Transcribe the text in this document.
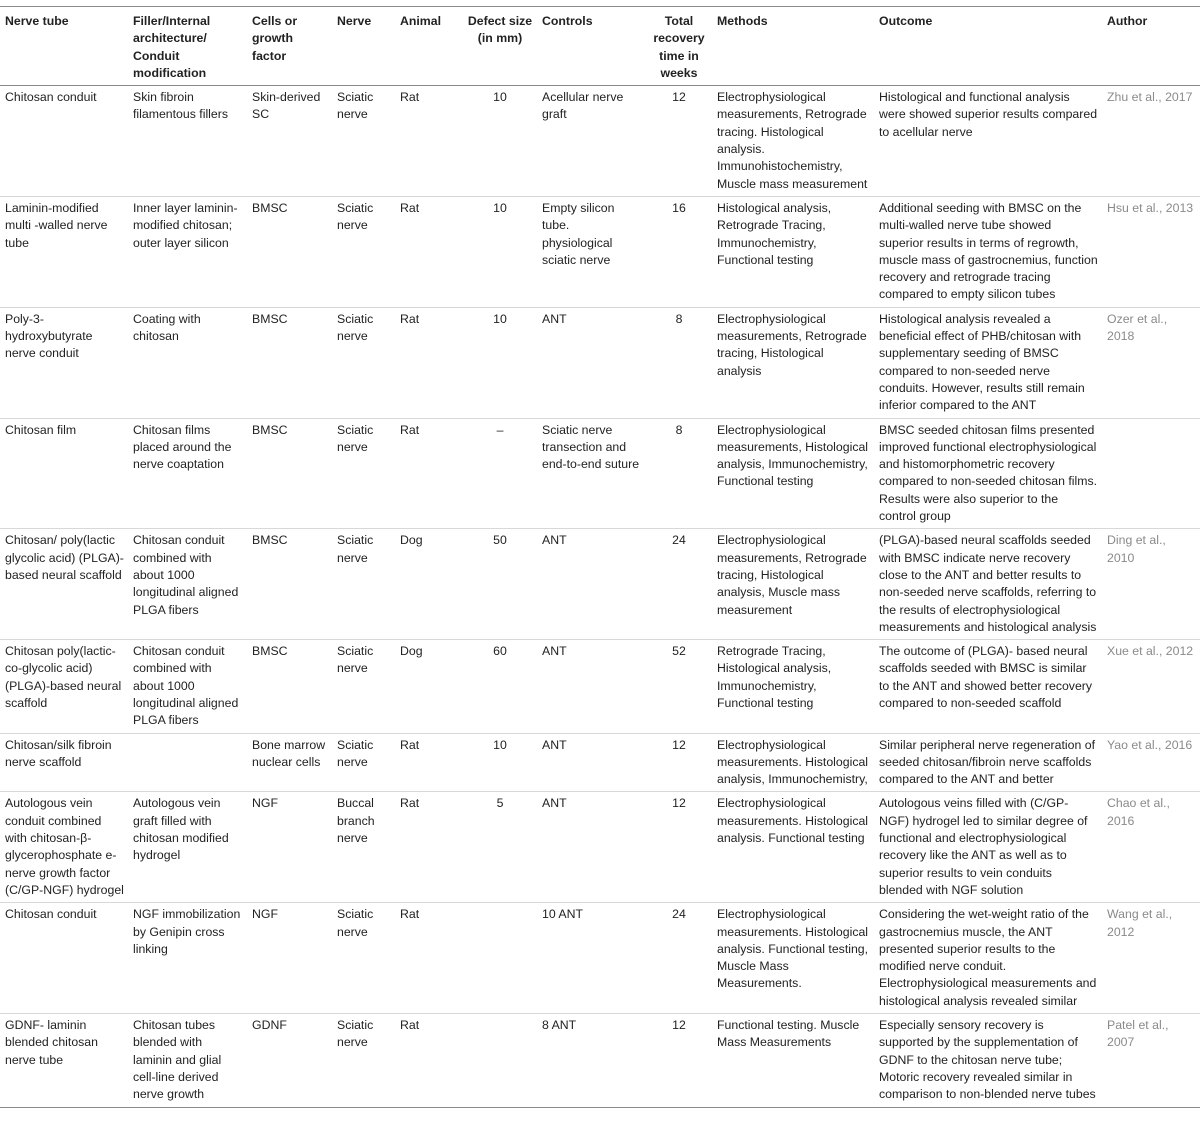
Nerve tube	Filler/Internal architecture/ Conduit modification	Cells or growth factor	Nerve	Animal	Defect size (in mm)	Controls	Total recovery time in weeks	Methods	Outcome	Author
Chitosan conduit	Skin fibroin filamentous fillers	Skin-derived SC	Sciatic nerve	Rat	10	Acellular nerve graft	12	Electrophysiological measurements, Retrograde tracing. Histological analysis. Immunohistochemistry, Muscle mass measurement	Histological and functional analysis were showed superior results compared to acellular nerve	Zhu et al., 2017
Laminin-modified multi -walled nerve tube	Inner layer laminin-modified chitosan; outer layer silicon	BMSC	Sciatic nerve	Rat	10	Empty silicon tube. physiological sciatic nerve	16	Histological analysis, Retrograde Tracing, Immunochemistry, Functional testing	Additional seeding with BMSC on the multi-walled nerve tube showed superior results in terms of regrowth, muscle mass of gastrocnemius, function recovery and retrograde tracing compared to empty silicon tubes	Hsu et al., 2013
Poly-3-hydroxybutyrate nerve conduit	Coating with chitosan	BMSC	Sciatic nerve	Rat	10	ANT	8	Electrophysiological measurements, Retrograde tracing, Histological analysis	Histological analysis revealed a beneficial effect of PHB/chitosan with supplementary seeding of BMSC compared to non-seeded nerve conduits. However, results still remain inferior compared to the ANT	Ozer et al., 2018
Chitosan film	Chitosan films placed around the nerve coaptation	BMSC	Sciatic nerve	Rat	–	Sciatic nerve transection and end-to-end suture	8	Electrophysiological measurements, Histological analysis, Immunochemistry, Functional testing	BMSC seeded chitosan films presented improved functional electrophysiological and histomorphometric recovery compared to non-seeded chitosan films. Results were also superior to the control group	
Chitosan/ poly(lactic glycolic acid) (PLGA)-based neural scaffold	Chitosan conduit combined with about 1000 longitudinal aligned PLGA fibers	BMSC	Sciatic nerve	Dog	50	ANT	24	Electrophysiological measurements, Retrograde tracing, Histological analysis, Muscle mass measurement	(PLGA)-based neural scaffolds seeded with BMSC indicate nerve recovery close to the ANT and better results to non-seeded nerve scaffolds, referring to the results of electrophysiological measurements and histological analysis	Ding et al., 2010
Chitosan poly(lactic-co-glycolic acid) (PLGA)-based neural scaffold	Chitosan conduit combined with about 1000 longitudinal aligned PLGA fibers	BMSC	Sciatic nerve	Dog	60	ANT	52	Retrograde Tracing, Histological analysis, Immunochemistry, Functional testing	The outcome of (PLGA)- based neural scaffolds seeded with BMSC is similar to the ANT and showed better recovery compared to non-seeded scaffold	Xue et al., 2012
Chitosan/silk fibroin nerve scaffold		Bone marrow nuclear cells	Sciatic nerve	Rat	10	ANT	12	Electrophysiological measurements. Histological analysis, Immunochemistry,	Similar peripheral nerve regeneration of seeded chitosan/fibroin nerve scaffolds compared to the ANT and better	Yao et al., 2016
Autologous vein conduit combined with chitosan-β-glycerophosphate e-nerve growth factor (C/GP-NGF) hydrogel	Autologous vein graft filled with chitosan modified hydrogel	NGF	Buccal branch nerve	Rat	5	ANT	12	Electrophysiological measurements. Histological analysis. Functional testing	Autologous veins filled with (C/GP-NGF) hydrogel led to similar degree of functional and electrophysiological recovery like the ANT as well as to superior results to vein conduits blended with NGF solution	Chao et al., 2016
Chitosan conduit	NGF immobilization by Genipin cross linking	NGF	Sciatic nerve	Rat		10 ANT	24	Electrophysiological measurements. Histological analysis. Functional testing, Muscle Mass Measurements.	Considering the wet-weight ratio of the gastrocnemius muscle, the ANT presented superior results to the modified nerve conduit. Electrophysiological measurements and histological analysis revealed similar	Wang et al., 2012
GDNF- laminin blended chitosan nerve tube	Chitosan tubes blended with laminin and glial cell-line derived nerve growth	GDNF	Sciatic nerve	Rat		8 ANT	12	Functional testing. Muscle Mass Measurements	Especially sensory recovery is supported by the supplementation of GDNF to the chitosan nerve tube; Motoric recovery revealed similar in comparison to non-blended nerve tubes	Patel et al., 2007
